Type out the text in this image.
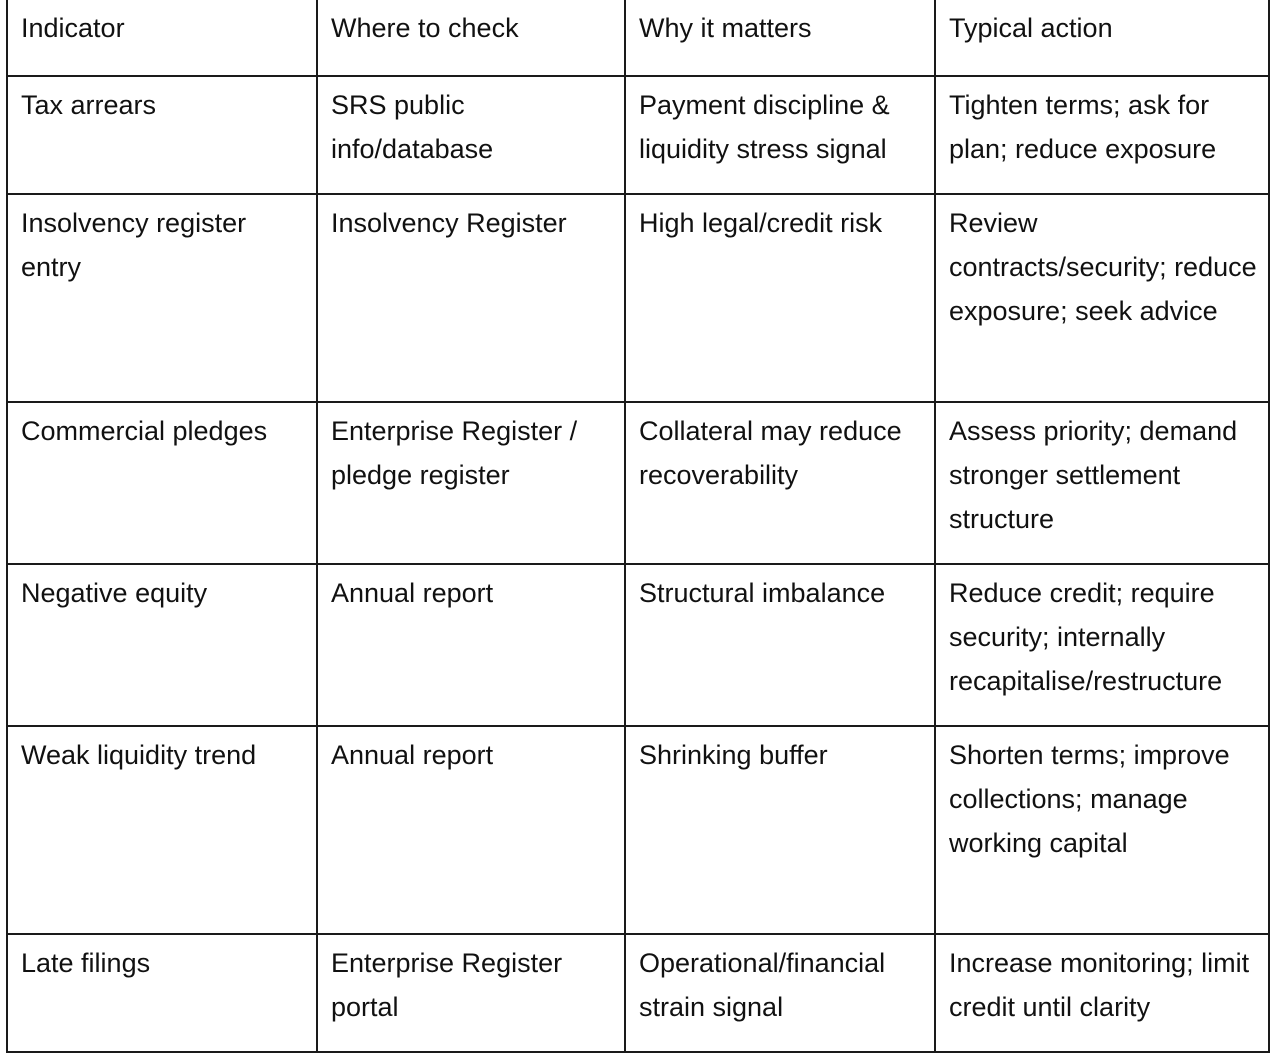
Indicator	Where to check	Why it matters	Typical action
Tax arrears	SRS public info/database	Payment discipline & liquidity stress signal	Tighten terms; ask for plan; reduce exposure
Insolvency register entry	Insolvency Register	High legal/credit risk	Review contracts/security; reduce exposure; seek advice
Commercial pledges	Enterprise Register / pledge register	Collateral may reduce recoverability	Assess priority; demand stronger settlement structure
Negative equity	Annual report	Structural imbalance	Reduce credit; require security; internally recapitalise/restructure
Weak liquidity trend	Annual report	Shrinking buffer	Shorten terms; improve collections; manage working capital
Late filings	Enterprise Register portal	Operational/financial strain signal	Increase monitoring; limit credit until clarity
